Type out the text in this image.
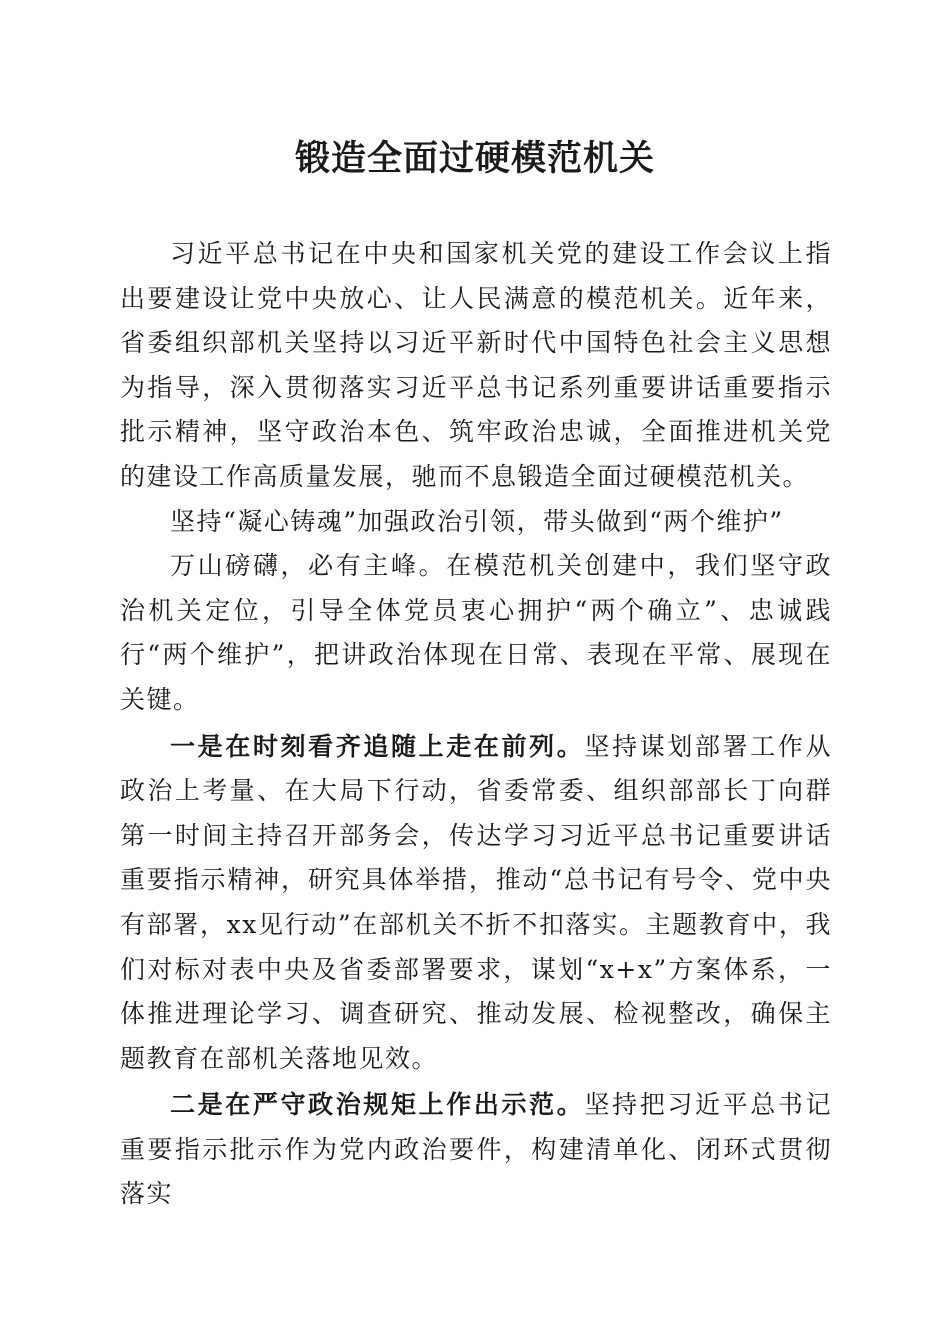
锻造全面过硬模范机关

习近平总书记在中央和国家机关党的建设工作会议上指出要建设让党中央放心、让人民满意的模范机关。近年来，省委组织部机关坚持以习近平新时代中国特色社会主义思想为指导，深入贯彻落实习近平总书记系列重要讲话重要指示批示精神，坚守政治本色、筑牢政治忠诚，全面推进机关党的建设工作高质量发展，驰而不息锻造全面过硬模范机关。

坚持“凝心铸魂”加强政治引领，带头做到“两个维护”

万山磅礴，必有主峰。在模范机关创建中，我们坚守政治机关定位，引导全体党员衷心拥护“两个确立”、忠诚践行“两个维护”，把讲政治体现在日常、表现在平常、展现在关键。

一是在时刻看齐追随上走在前列。坚持谋划部署工作从政治上考量、在大局下行动，省委常委、组织部部长丁向群第一时间主持召开部务会，传达学习习近平总书记重要讲话重要指示精神，研究具体举措，推动“总书记有号令、党中央有部署，xx见行动”在部机关不折不扣落实。主题教育中，我们对标对表中央及省委部署要求，谋划“x+x”方案体系，一体推进理论学习、调查研究、推动发展、检视整改，确保主题教育在部机关落地见效。

二是在严守政治规矩上作出示范。坚持把习近平总书记重要指示批示作为党内政治要件，构建清单化、闭环式贯彻落实
